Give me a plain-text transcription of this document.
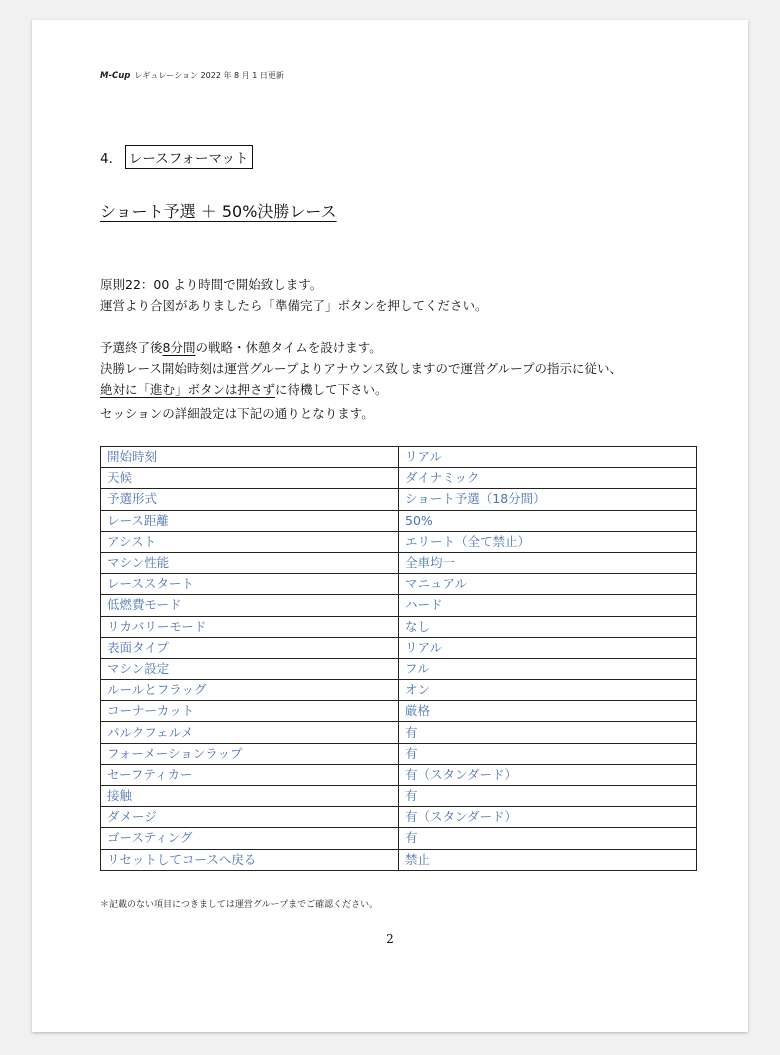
M-Cup レギュレーション 2022 年 8 月 1 日更新
4. レースフォーマット
ショート予選 ＋ 50%決勝レース

原則22：00 より時間で開始致します。

運営より合図がありましたら「準備完了」ボタンを押してください。

予選終了後8分間の戦略・休憩タイムを設けます。

決勝レース開始時刻は運営グループよりアナウンス致しますので運営グループの指示に従い、

絶対に「進む」ボタンは押さずに待機して下さい。

セッションの詳細設定は下記の通りとなります。
開始時刻	リアル
天候	ダイナミック
予選形式	ショート予選（18分間）
レース距離	50%
アシスト	エリート（全て禁止）
マシン性能	全車均一
レーススタート	マニュアル
低燃費モード	ハード
リカバリーモード	なし
表面タイプ	リアル
マシン設定	フル
ルールとフラッグ	オン
コーナーカット	厳格
パルクフェルメ	有
フォーメーションラップ	有
セーフティカー	有（スタンダード）
接触	有
ダメージ	有（スタンダード）
ゴースティング	有
リセットしてコースへ戻る	禁止
＊記載のない項目につきましては運営グループまでご確認ください。
2
